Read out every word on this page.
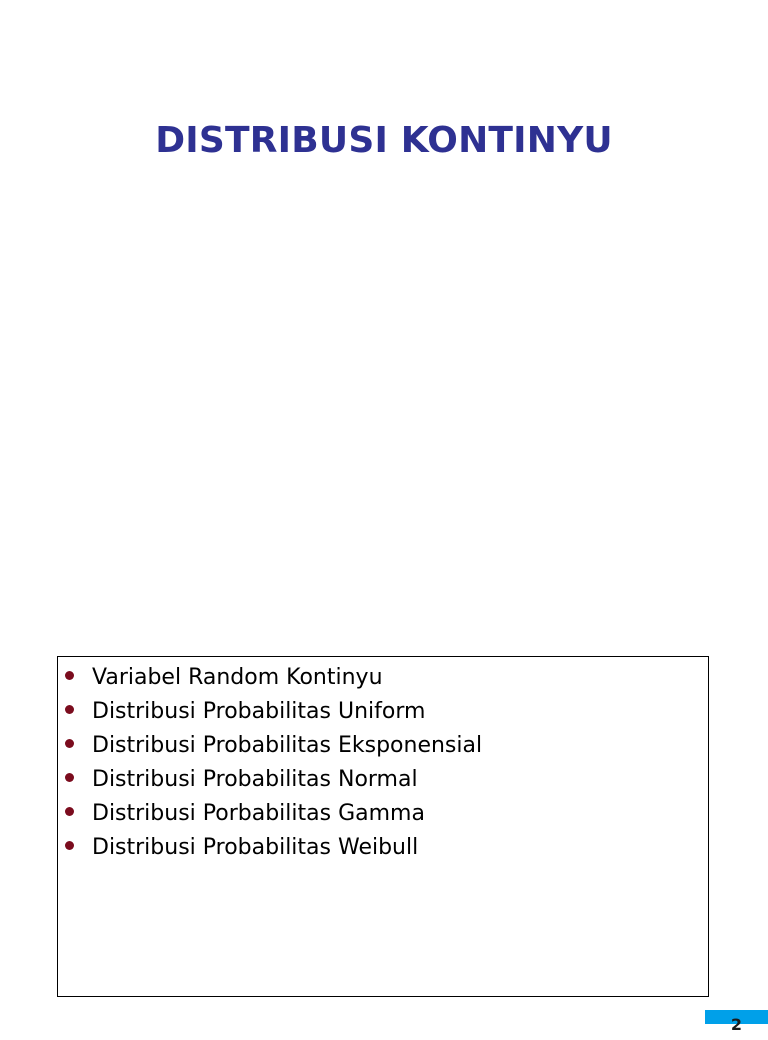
DISTRIBUSI KONTINYU
Variabel Random Kontinyu
Distribusi Probabilitas Uniform
Distribusi Probabilitas Eksponensial
Distribusi Probabilitas Normal
Distribusi Porbabilitas Gamma
Distribusi Probabilitas Weibull
2
